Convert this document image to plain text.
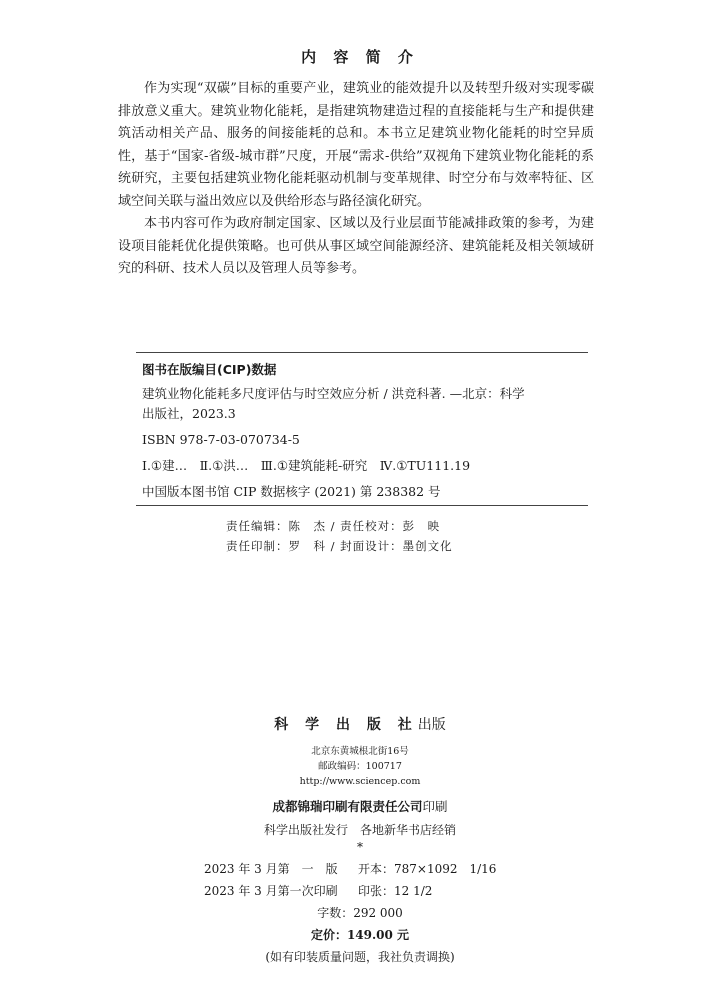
内 容 简 介

作为实现“双碳”目标的重要产业，建筑业的能效提升以及转型升级对实现零碳排放意义重大。建筑业物化能耗，是指建筑物建造过程的直接能耗与生产和提供建筑活动相关产品、服务的间接能耗的总和。本书立足建筑业物化能耗的时空异质性，基于“国家-省级-城市群”尺度，开展“需求-供给”双视角下建筑业物化能耗的系统研究，主要包括建筑业物化能耗驱动机制与变革规律、时空分布与效率特征、区域空间关联与溢出效应以及供给形态与路径演化研究。

本书内容可作为政府制定国家、区域以及行业层面节能减排政策的参考，为建设项目能耗优化提供策略。也可供从事区域空间能源经济、建筑能耗及相关领域研究的科研、技术人员以及管理人员等参考。

图书在版编目(CIP)数据
建筑业物化能耗多尺度评估与时空效应分析 / 洪竞科著. —北京：科学
出版社，2023.3
ISBN 978-7-03-070734-5
Ⅰ.①建…　Ⅱ.①洪…　Ⅲ.①建筑能耗-研究　Ⅳ.①TU111.19
中国版本图书馆 CIP 数据核字 (2021) 第 238382 号
责任编辑：陈　杰 / 责任校对：彭　映
责任印制：罗　科 / 封面设计：墨创文化
科 学 出 版 社出版
北京东黄城根北街16号
邮政编码：100717
http://www.sciencep.com
成都锦瑞印刷有限责任公司印刷
科学出版社发行　各地新华书店经销
*
2023 年 3 月第　一　版 开本：787×1092　1/16
2023 年 3 月第一次印刷 印张：12 1/2
字数：292 000
定价：149.00 元
(如有印装质量问题，我社负责调换)
